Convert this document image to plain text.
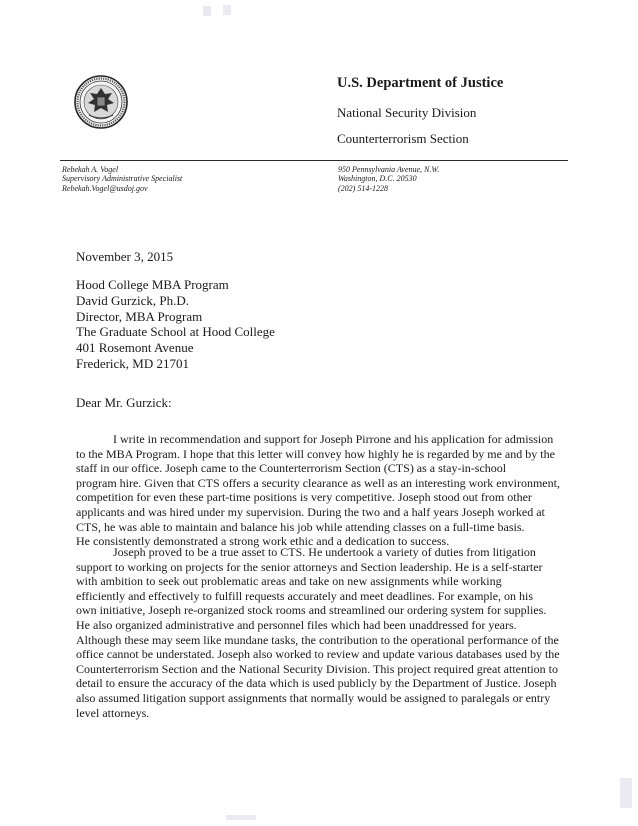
U.S. Department of Justice

National Security Division

Counterterrorism Section

Rebekah A. Vogel
Supervisory Administrative Specialist
Rebekah.Vogel@usdoj.gov
950 Pennsylvania Avenue, N.W.
Washington, D.C. 20530
(202) 514-1228
November 3, 2015
Hood College MBA Program
David Gurzick, Ph.D.
Director, MBA Program
The Graduate School at Hood College
401 Rosemont Avenue
Frederick, MD 21701
Dear Mr. Gurzick:
I write in recommendation and support for Joseph Pirrone and his application for admission
to the MBA Program. I hope that this letter will convey how highly he is regarded by me and by the
staff in our office. Joseph came to the Counterterrorism Section (CTS) as a stay-in-school
program hire. Given that CTS offers a security clearance as well as an interesting work environment,
competition for even these part-time positions is very competitive. Joseph stood out from other
applicants and was hired under my supervision. During the two and a half years Joseph worked at
CTS, he was able to maintain and balance his job while attending classes on a full-time basis.
He consistently demonstrated a strong work ethic and a dedication to success.
Joseph proved to be a true asset to CTS. He undertook a variety of duties from litigation
support to working on projects for the senior attorneys and Section leadership. He is a self-starter
with ambition to seek out problematic areas and take on new assignments while working
efficiently and effectively to fulfill requests accurately and meet deadlines. For example, on his
own initiative, Joseph re-organized stock rooms and streamlined our ordering system for supplies.
He also organized administrative and personnel files which had been unaddressed for years.
Although these may seem like mundane tasks, the contribution to the operational performance of the
office cannot be understated. Joseph also worked to review and update various databases used by the
Counterterrorism Section and the National Security Division. This project required great attention to
detail to ensure the accuracy of the data which is used publicly by the Department of Justice. Joseph
also assumed litigation support assignments that normally would be assigned to paralegals or entry
level attorneys.
